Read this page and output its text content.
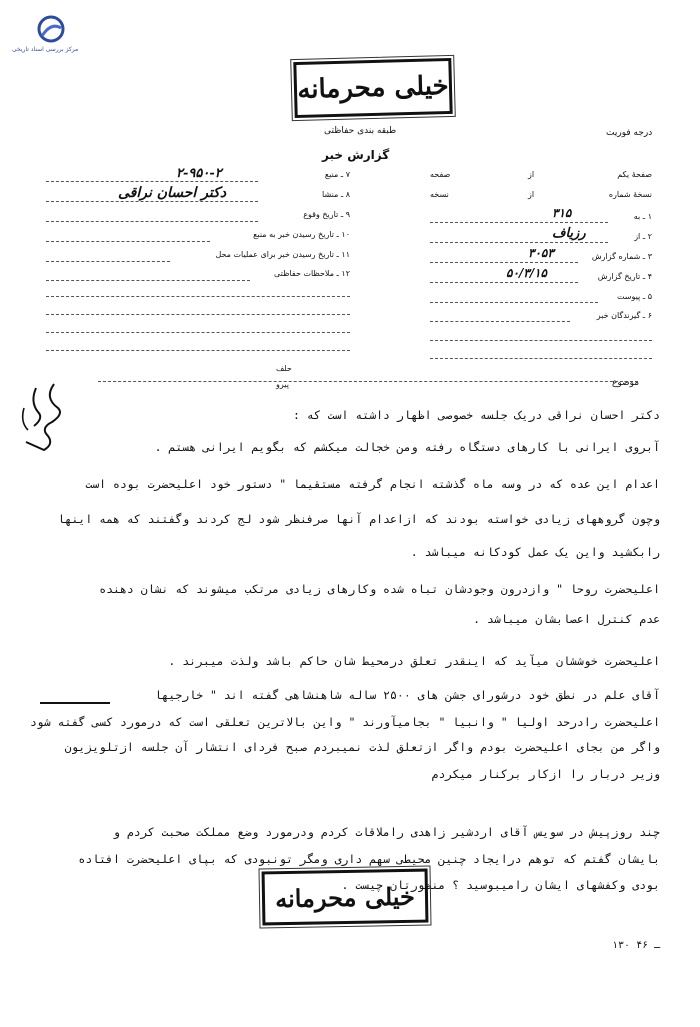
مرکز بررسی اسناد تاریخی
خیلی محرمانه
درجه فوریت
طبقه بندی حفاظتی
گزارش خبر
۷ ـ منبع
۲-۹۵۰-۲
۸ ـ منشا
دکتر احسان نراقی
۹ ـ تاریخ وقوع
۱۰ ـ تاریخ رسیدن خبر به منبع
۱۱ ـ تاریخ رسیدن خبر برای عملیات محل
۱۲ ـ ملاحظات حفاظتی
صفحهٔ یکم
از
صفحه
نسخهٔ شماره
از
نسخه
۱ ـ به
۳۱۵
۲ ـ از
رزیاف
۳ ـ شماره گزارش
۳۰۵۳
۴ ـ تاریخ گزارش
۵۰/۳/۱۵
۵ ـ پیوست
۶ ـ گیرندگان خبر
حلف
پیرو	موضوع
دکتر احسان نراقی دریک جلسه خصوصی اظهار داشته است که :
آبروی ایرانی با کارهای دستگاه رفته ومن خجالت میکشم که بگویم ایرانی هستم .
اعدام این عده که در وسه ماه گذشته انجام گرفته مستقیما " دستور خود اعلیحضرت بوده است
وچون گروههای زیادی خواسته بودند که ازاعدام آنها صرفنظر شود لج کردند وگفتند که همه اینها
رابکشید واین یک عمل کودکانه میباشد .
اعلیحضرت روحا " وازدرون وجودشان تباه شده وکارهای زیادی مرتکب میشوند که نشان دهنده
عدم کنترل اعصابشان میباشد .
اعلیحضرت خوششان میآید که اینقدر تعلق درمحیط شان حاکم باشد ولذت میبرند .
آقای علم در نطق خود درشورای جشن های ۲۵۰۰ ساله شاهنشاهی گفته اند " خارجیها
اعلیحضرت رادرحد اولیا " وانبیا " بجامیآورند " واین بالاترین تعلقی است که درمورد کسی گفته شود
واگر من بجای اعلیحضرت بودم واگر ازتعلق لذت نمیبردم صبح فردای انتشار آن جلسه ازتلویزیون
وزیر دربار را ازکار برکنار میکردم
چند روزپیش در سویس آقای اردشیر زاهدی راملاقات کردم ودرمورد وضع مملکت صحبت کردم و
بایشان گفتم که توهم درایجاد چنین محیطی سهم داری ومگر تونبودی که بپای اعلیحضرت افتاده
بودی وکفشهای ایشان رامیبوسید ؟ منظورتان چیست .
خیلی محرمانه
۱۳۰ ـ ۴۶
